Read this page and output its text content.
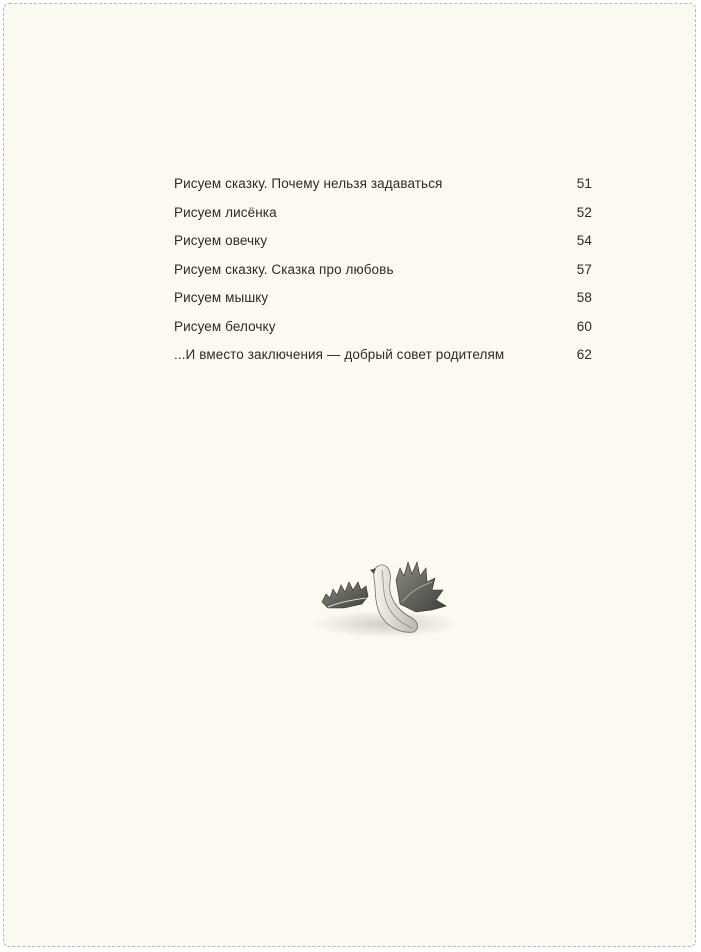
Рисуем сказку. Почему нельзя задаваться	51
Рисуем лисёнка	52
Рисуем овечку	54
Рисуем сказку. Сказка про любовь	57
Рисуем мышку	58
Рисуем белочку	60
...И вместо заключения — добрый совет родителям	62
